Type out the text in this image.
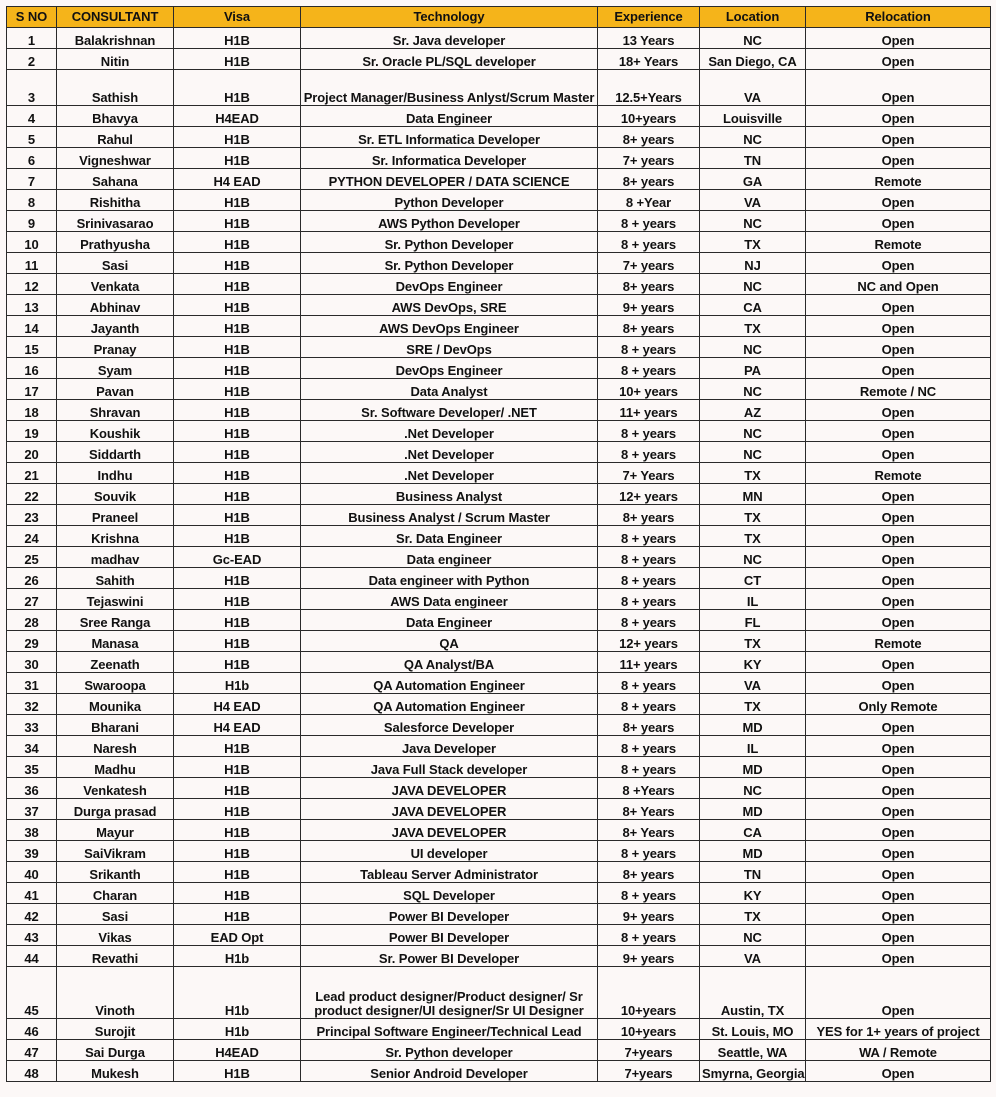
S NO	CONSULTANT	Visa	Technology	Experience	Location	Relocation
1	Balakrishnan	H1B	Sr. Java developer	13 Years	NC	Open
2	Nitin	H1B	Sr. Oracle PL/SQL developer	18+ Years	San Diego, CA	Open
3	Sathish	H1B	Project Manager/Business Anlyst/Scrum Master	12.5+Years	VA	Open
4	Bhavya	H4EAD	Data Engineer	10+years	Louisville	Open
5	Rahul	H1B	Sr. ETL Informatica Developer	8+ years	NC	Open
6	Vigneshwar	H1B	Sr. Informatica Developer	7+ years	TN	Open
7	Sahana	H4 EAD	PYTHON DEVELOPER / DATA SCIENCE	8+ years	GA	Remote
8	Rishitha	H1B	Python Developer	8 +Year	VA	Open
9	Srinivasarao	H1B	AWS Python Developer	8 + years	NC	Open
10	Prathyusha	H1B	Sr. Python Developer	8 + years	TX	Remote
11	Sasi	H1B	Sr. Python Developer	7+ years	NJ	Open
12	Venkata	H1B	DevOps Engineer	8+ years	NC	NC and Open
13	Abhinav	H1B	AWS DevOps, SRE	9+ years	CA	Open
14	Jayanth	H1B	AWS DevOps Engineer	8+ years	TX	Open
15	Pranay	H1B	SRE / DevOps	8 + years	NC	Open
16	Syam	H1B	DevOps Engineer	8 + years	PA	Open
17	Pavan	H1B	Data Analyst	10+ years	NC	Remote / NC
18	Shravan	H1B	Sr. Software Developer/ .NET	11+ years	AZ	Open
19	Koushik	H1B	.Net Developer	8 + years	NC	Open
20	Siddarth	H1B	.Net Developer	8 + years	NC	Open
21	Indhu	H1B	.Net Developer	7+ Years	TX	Remote
22	Souvik	H1B	Business Analyst	12+ years	MN	Open
23	Praneel	H1B	Business Analyst / Scrum Master	8+ years	TX	Open
24	Krishna	H1B	Sr. Data Engineer	8 + years	TX	Open
25	madhav	Gc-EAD	Data engineer	8 + years	NC	Open
26	Sahith	H1B	Data engineer with Python	8 + years	CT	Open
27	Tejaswini	H1B	AWS Data engineer	8 + years	IL	Open
28	Sree Ranga	H1B	Data Engineer	8 + years	FL	Open
29	Manasa	H1B	QA	12+ years	TX	Remote
30	Zeenath	H1B	QA Analyst/BA	11+ years	KY	Open
31	Swaroopa	H1b	QA Automation Engineer	8 + years	VA	Open
32	Mounika	H4 EAD	QA Automation Engineer	8 + years	TX	Only Remote
33	Bharani	H4 EAD	Salesforce Developer	8+ years	MD	Open
34	Naresh	H1B	Java Developer	8 + years	IL	Open
35	Madhu	H1B	Java Full Stack developer	8 + years	MD	Open
36	Venkatesh	H1B	JAVA DEVELOPER	8 +Years	NC	Open
37	Durga prasad	H1B	JAVA DEVELOPER	8+ Years	MD	Open
38	Mayur	H1B	JAVA DEVELOPER	8+ Years	CA	Open
39	SaiVikram	H1B	UI developer	8 + years	MD	Open
40	Srikanth	H1B	Tableau Server Administrator	8+ years	TN	Open
41	Charan	H1B	SQL Developer	8 + years	KY	Open
42	Sasi	H1B	Power BI Developer	9+ years	TX	Open
43	Vikas	EAD Opt	Power BI Developer	8 + years	NC	Open
44	Revathi	H1b	Sr. Power BI Developer	9+ years	VA	Open
45	Vinoth	H1b	Lead product designer/Product designer/ Sr product designer/UI designer/Sr UI Designer	10+years	Austin, TX	Open
46	Surojit	H1b	Principal Software Engineer/Technical Lead	10+years	St. Louis, MO	YES for 1+ years of project
47	Sai Durga	H4EAD	Sr. Python developer	7+years	Seattle, WA	WA / Remote
48	Mukesh	H1B	Senior Android Developer	7+years	Smyrna, Georgia	Open
